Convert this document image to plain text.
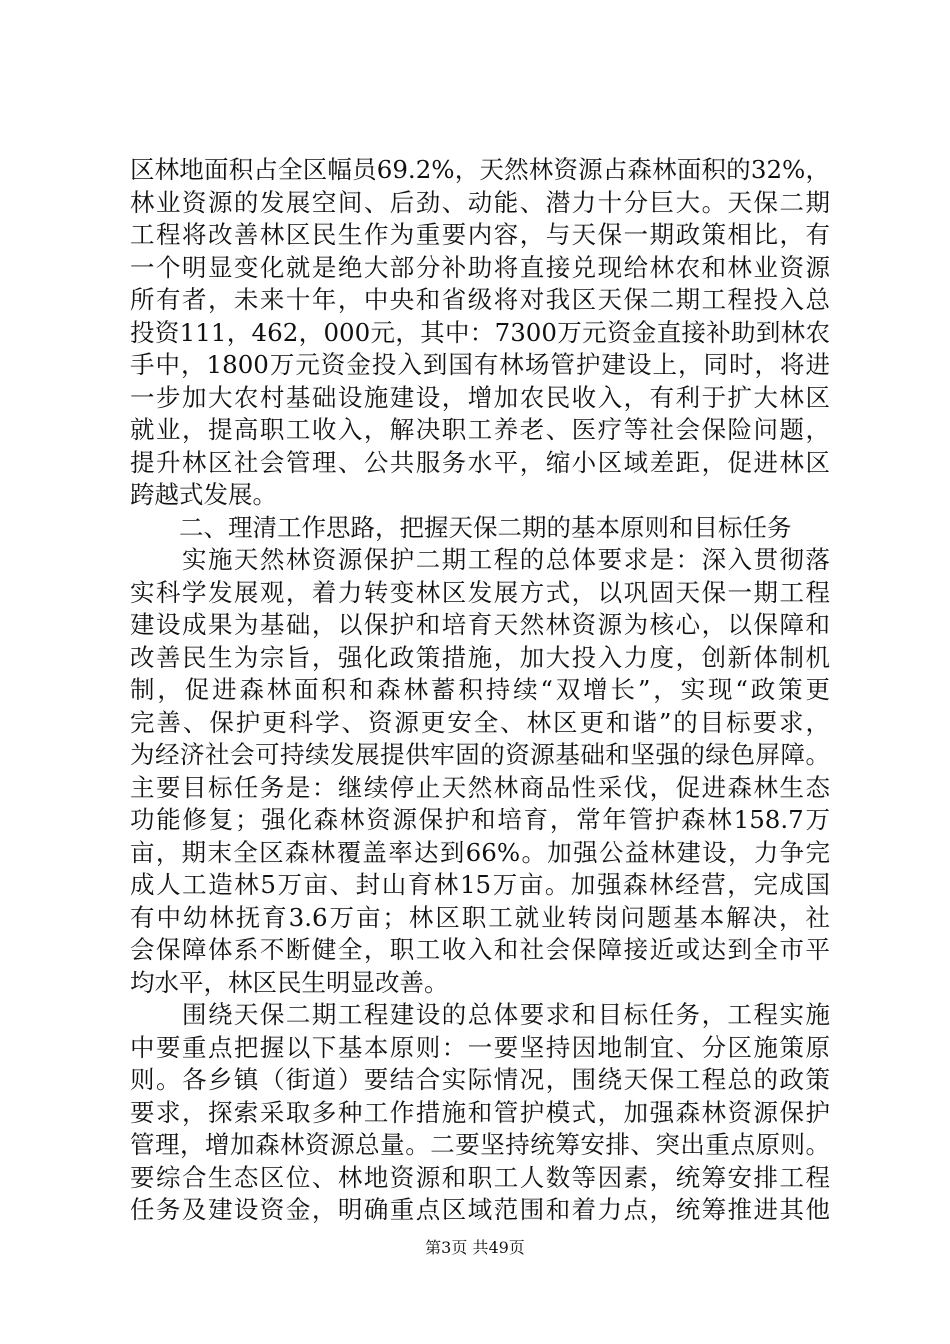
区林地面积占全区幅员69.2%，天然林资源占森林面积的32%，
林业资源的发展空间、后劲、动能、潜力十分巨大。天保二期
工程将改善林区民生作为重要内容，与天保一期政策相比，有
一个明显变化就是绝大部分补助将直接兑现给林农和林业资源
所有者，未来十年，中央和省级将对我区天保二期工程投入总
投资111，462，000元，其中：7300万元资金直接补助到林农
手中，1800万元资金投入到国有林场管护建设上，同时，将进
一步加大农村基础设施建设，增加农民收入，有利于扩大林区
就业，提高职工收入，解决职工养老、医疗等社会保险问题，
提升林区社会管理、公共服务水平，缩小区域差距，促进林区
跨越式发展。
　　二、理清工作思路，把握天保二期的基本原则和目标任务
　　实施天然林资源保护二期工程的总体要求是：深入贯彻落
实科学发展观，着力转变林区发展方式，以巩固天保一期工程
建设成果为基础，以保护和培育天然林资源为核心，以保障和
改善民生为宗旨，强化政策措施，加大投入力度，创新体制机
制，促进森林面积和森林蓄积持续“双增长”，实现“政策更
完善、保护更科学、资源更安全、林区更和谐”的目标要求，
为经济社会可持续发展提供牢固的资源基础和坚强的绿色屏障。
主要目标任务是：继续停止天然林商品性采伐，促进森林生态
功能修复；强化森林资源保护和培育，常年管护森林158.7万
亩，期末全区森林覆盖率达到66%。加强公益林建设，力争完
成人工造林5万亩、封山育林15万亩。加强森林经营，完成国
有中幼林抚育3.6万亩；林区职工就业转岗问题基本解决，社
会保障体系不断健全，职工收入和社会保障接近或达到全市平
均水平，林区民生明显改善。
　　围绕天保二期工程建设的总体要求和目标任务，工程实施
中要重点把握以下基本原则：一要坚持因地制宜、分区施策原
则。各乡镇（街道）要结合实际情况，围绕天保工程总的政策
要求，探索采取多种工作措施和管护模式，加强森林资源保护
管理，增加森林资源总量。二要坚持统筹安排、突出重点原则。
要综合生态区位、林地资源和职工人数等因素，统筹安排工程
任务及建设资金，明确重点区域范围和着力点，统筹推进其他
第3页 共49页
